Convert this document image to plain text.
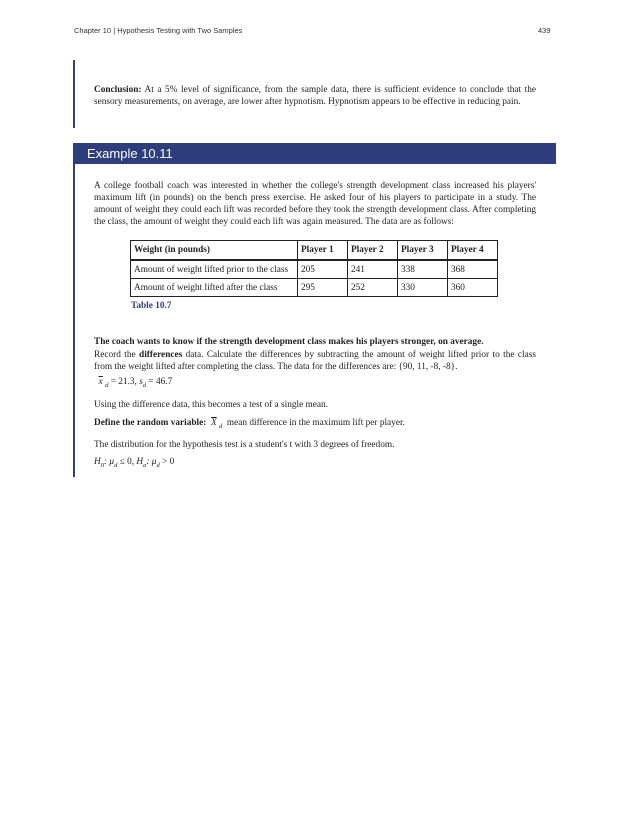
Chapter 10 | Hypothesis Testing with Two Samples	439
Conclusion: At a 5% level of significance, from the sample data, there is sufficient evidence to conclude that the sensory measurements, on average, are lower after hypnotism. Hypnotism appears to be effective in reducing pain.
Example 10.11
A college football coach was interested in whether the college's strength development class increased his players' maximum lift (in pounds) on the bench press exercise. He asked four of his players to participate in a study. The amount of weight they could each lift was recorded before they took the strength development class. After completing the class, the amount of weight they could each lift was again measured. The data are as follows:
Weight (in pounds)	Player 1	Player 2	Player 3	Player 4
Amount of weight lifted prior to the class	205	241	338	368
Amount of weight lifted after the class	295	252	330	360
Table 10.7
The coach wants to know if the strength development class makes his players stronger, on average.
Record the differences data. Calculate the differences by subtracting the amount of weight lifted prior to the class from the weight lifted after completing the class. The data for the differences are: {90, 11, -8, -8}.
$\overline{x}$ $_d$ = 21.3, $s_d = 46.7$
Using the difference data, this becomes a test of a single mean.
Define the random variable: $\overline{X}$ $_d$  mean difference in the maximum lift per player.
The distribution for the hypothesis test is a student's t with 3 degrees of freedom.
$H_0$: $\mu_d \le 0$, $H_a$: $\mu_d > 0$
